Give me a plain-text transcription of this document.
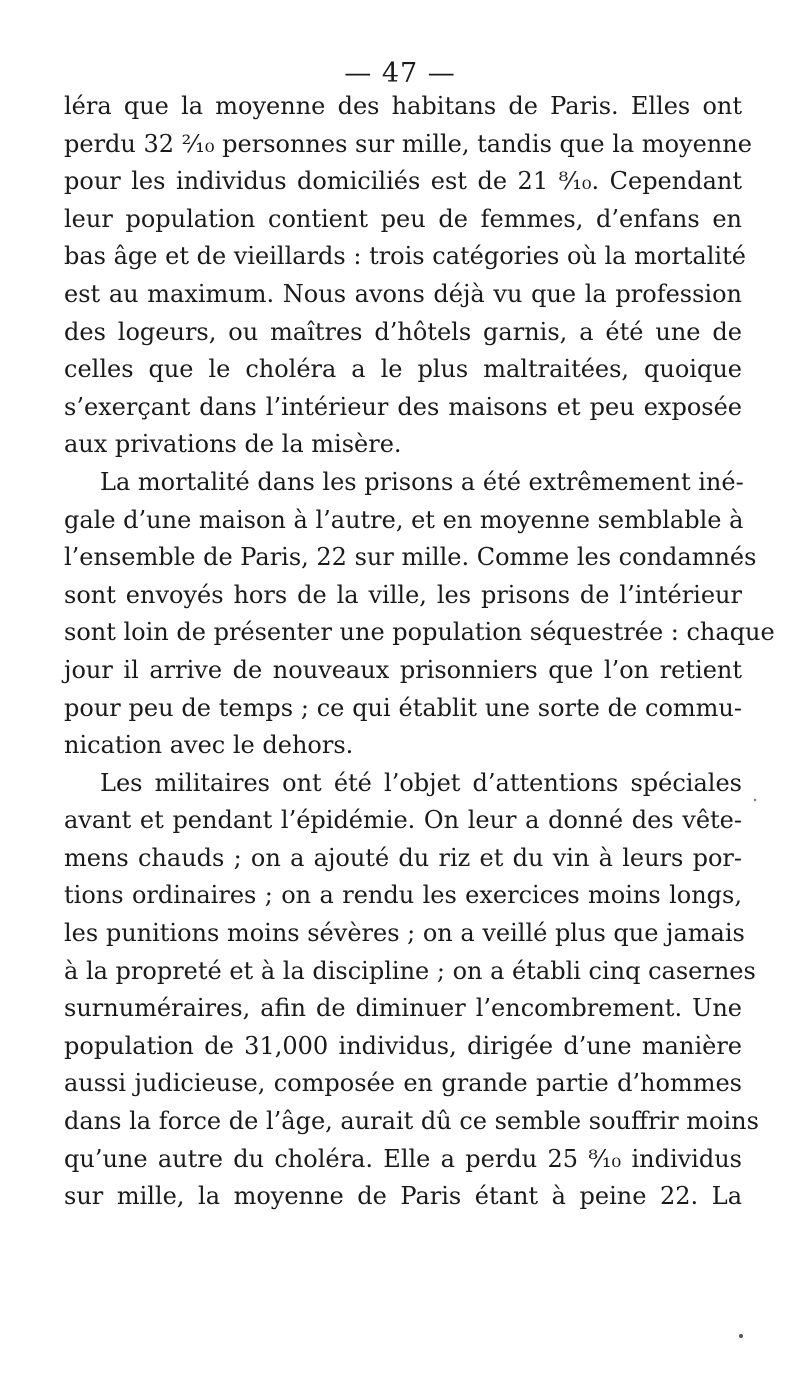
— 47 —
léra que la moyenne des habitans de Paris. Elles ont
perdu 32 ²⁄₁₀ personnes sur mille, tandis que la moyenne
pour les individus domiciliés est de 21 ⁸⁄₁₀. Cependant
leur population contient peu de femmes, d’enfans en
bas âge et de vieillards : trois catégories où la mortalité
est au maximum. Nous avons déjà vu que la profession
des logeurs, ou maîtres d’hôtels garnis, a été une de
celles que le choléra a le plus maltraitées, quoique
s’exerçant dans l’intérieur des maisons et peu exposée
aux privations de la misère.
La mortalité dans les prisons a été extrêmement iné-
gale d’une maison à l’autre, et en moyenne semblable à
l’ensemble de Paris, 22 sur mille. Comme les condamnés
sont envoyés hors de la ville, les prisons de l’intérieur
sont loin de présenter une population séquestrée : chaque
jour il arrive de nouveaux prisonniers que l’on retient
pour peu de temps ; ce qui établit une sorte de commu-
nication avec le dehors.
Les militaires ont été l’objet d’attentions spéciales
avant et pendant l’épidémie. On leur a donné des vête-
mens chauds ; on a ajouté du riz et du vin à leurs por-
tions ordinaires ; on a rendu les exercices moins longs,
les punitions moins sévères ; on a veillé plus que jamais
à la propreté et à la discipline ; on a établi cinq casernes
surnuméraires, afin de diminuer l’encombrement. Une
population de 31,000 individus, dirigée d’une manière
aussi judicieuse, composée en grande partie d’hommes
dans la force de l’âge, aurait dû ce semble souffrir moins
qu’une autre du choléra. Elle a perdu 25 ⁸⁄₁₀ individus
sur mille, la moyenne de Paris étant à peine 22. La
